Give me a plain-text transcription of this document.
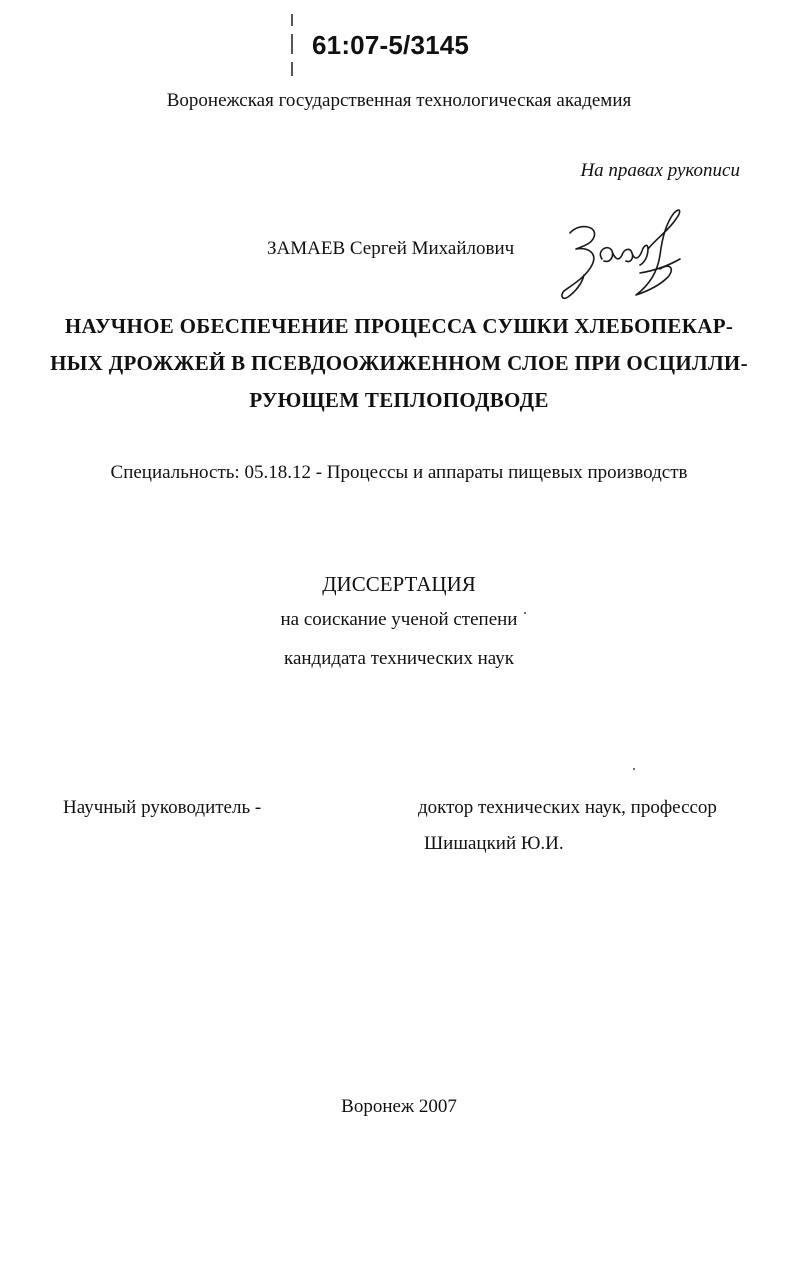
61:07-5/3145
Воронежская государственная технологическая академия
На правах рукописи
ЗАМАЕВ Сергей Михайлович
НАУЧНОЕ ОБЕСПЕЧЕНИЕ ПРОЦЕССА СУШКИ ХЛЕБОПЕКАР-
НЫХ ДРОЖЖЕЙ В ПСЕВДООЖИЖЕННОМ СЛОЕ ПРИ ОСЦИЛЛИ-
РУЮЩЕМ ТЕПЛОПОДВОДЕ
Специальность: 05.18.12 - Процессы и аппараты пищевых производств
ДИССЕРТАЦИЯ
на соискание ученой степени
кандидата технических наук
Научный руководитель -	доктор технических наук, профессор
Шишацкий Ю.И.
Воронеж 2007
